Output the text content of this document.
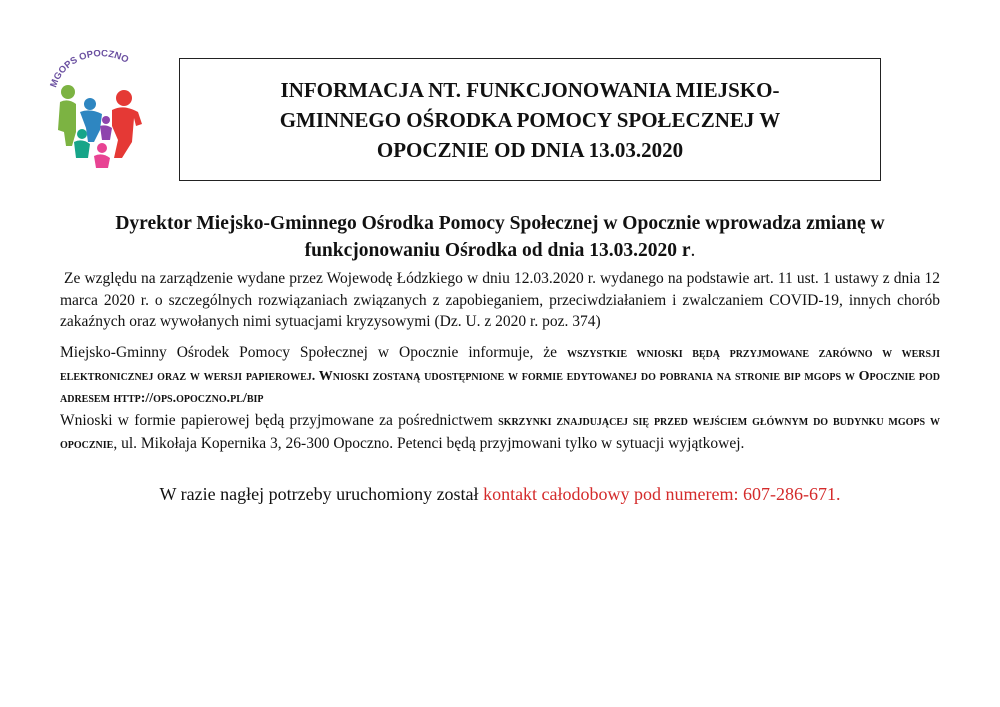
MGOPS OPOCZNO
INFORMACJA NT. FUNKCJONOWANIA MIEJSKO-GMINNEGO OŚRODKA POMOCY SPOŁECZNEJ W OPOCZNIE OD DNIA 13.03.2020

Dyrektor Miejsko-Gminnego Ośrodka Pomocy Społecznej w Opocznie wprowadza zmianę w funkcjonowaniu Ośrodka od dnia 13.03.2020 r.

Ze względu na zarządzenie wydane przez Wojewodę Łódzkiego w dniu 12.03.2020 r. wydanego na podstawie art. 11 ust. 1 ustawy z dnia 12 marca 2020 r. o szczególnych rozwiązaniach związanych z zapobieganiem, przeciwdziałaniem i zwalczaniem COVID-19, innych chorób zakaźnych oraz wywołanych nimi sytuacjami kryzysowymi (Dz. U. z 2020 r. poz. 374)

Miejsko-Gminny Ośrodek Pomocy Społecznej w Opocznie informuje, że wszystkie wnioski będą przyjmowane zarówno w wersji elektronicznej oraz w wersji papierowej. Wnioski zostaną udostępnione w formie edytowanej do pobrania na stronie bip mgops w Opocznie pod adresem http://ops.opoczno.pl/bip

Wnioski w formie papierowej będą przyjmowane za pośrednictwem skrzynki znajdującej się przed wejściem głównym do budynku mgops w opocznie, ul. Mikołaja Kopernika 3, 26-300 Opoczno. Petenci będą przyjmowani tylko w sytuacji wyjątkowej.

W razie nagłej potrzeby uruchomiony został kontakt całodobowy pod numerem: 607-286-671.
